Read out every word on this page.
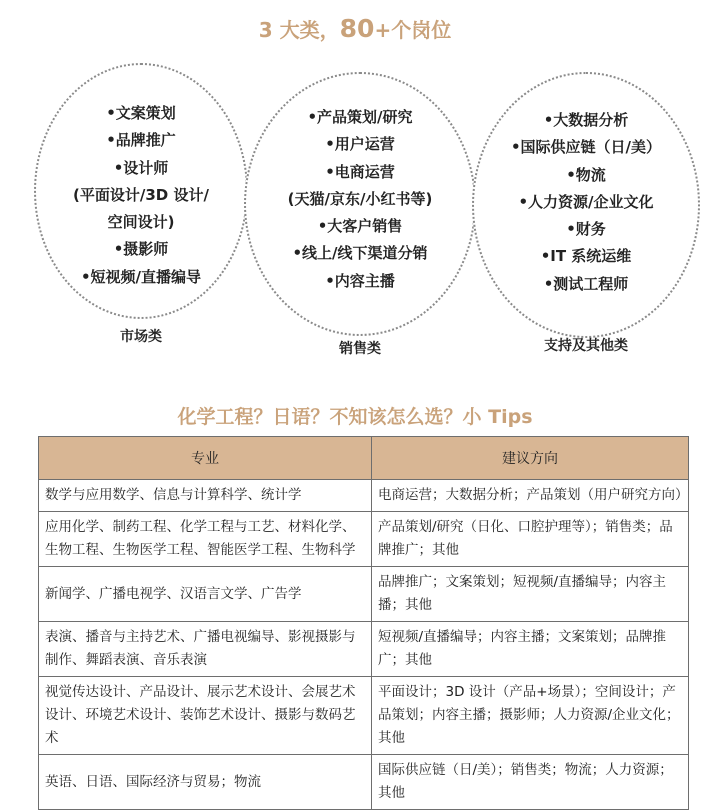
3 大类，80+个岗位
•文案策划
•品牌推广
•设计师
(平面设计/3D 设计/
空间设计)
•摄影师
•短视频/直播编导
市场类
•产品策划/研究
•用户运营
•电商运营
(天猫/京东/小红书等)
•大客户销售
•线上/线下渠道分销
•内容主播
销售类
•大数据分析
•国际供应链（日/美）
•物流
•人力资源/企业文化
•财务
•IT 系统运维
•测试工程师
支持及其他类
化学工程？日语？不知该怎么选？小 Tips
专业	建议方向
数学与应用数学、信息与计算科学、统计学	电商运营；大数据分析；产品策划（用户研究方向）
应用化学、制药工程、化学工程与工艺、材料化学、生物工程、生物医学工程、智能医学工程、生物科学	产品策划/研究（日化、口腔护理等）；销售类；品牌推广；其他
新闻学、广播电视学、汉语言文学、广告学	品牌推广；文案策划；短视频/直播编导；内容主播；其他
表演、播音与主持艺术、广播电视编导、影视摄影与制作、舞蹈表演、音乐表演	短视频/直播编导；内容主播；文案策划；品牌推广；其他
视觉传达设计、产品设计、展示艺术设计、会展艺术设计、环境艺术设计、装饰艺术设计、摄影与数码艺术	平面设计；3D 设计（产品+场景）；空间设计；产品策划；内容主播；摄影师；人力资源/企业文化；其他
英语、日语、国际经济与贸易；物流	国际供应链（日/美）；销售类；物流；人力资源；其他
